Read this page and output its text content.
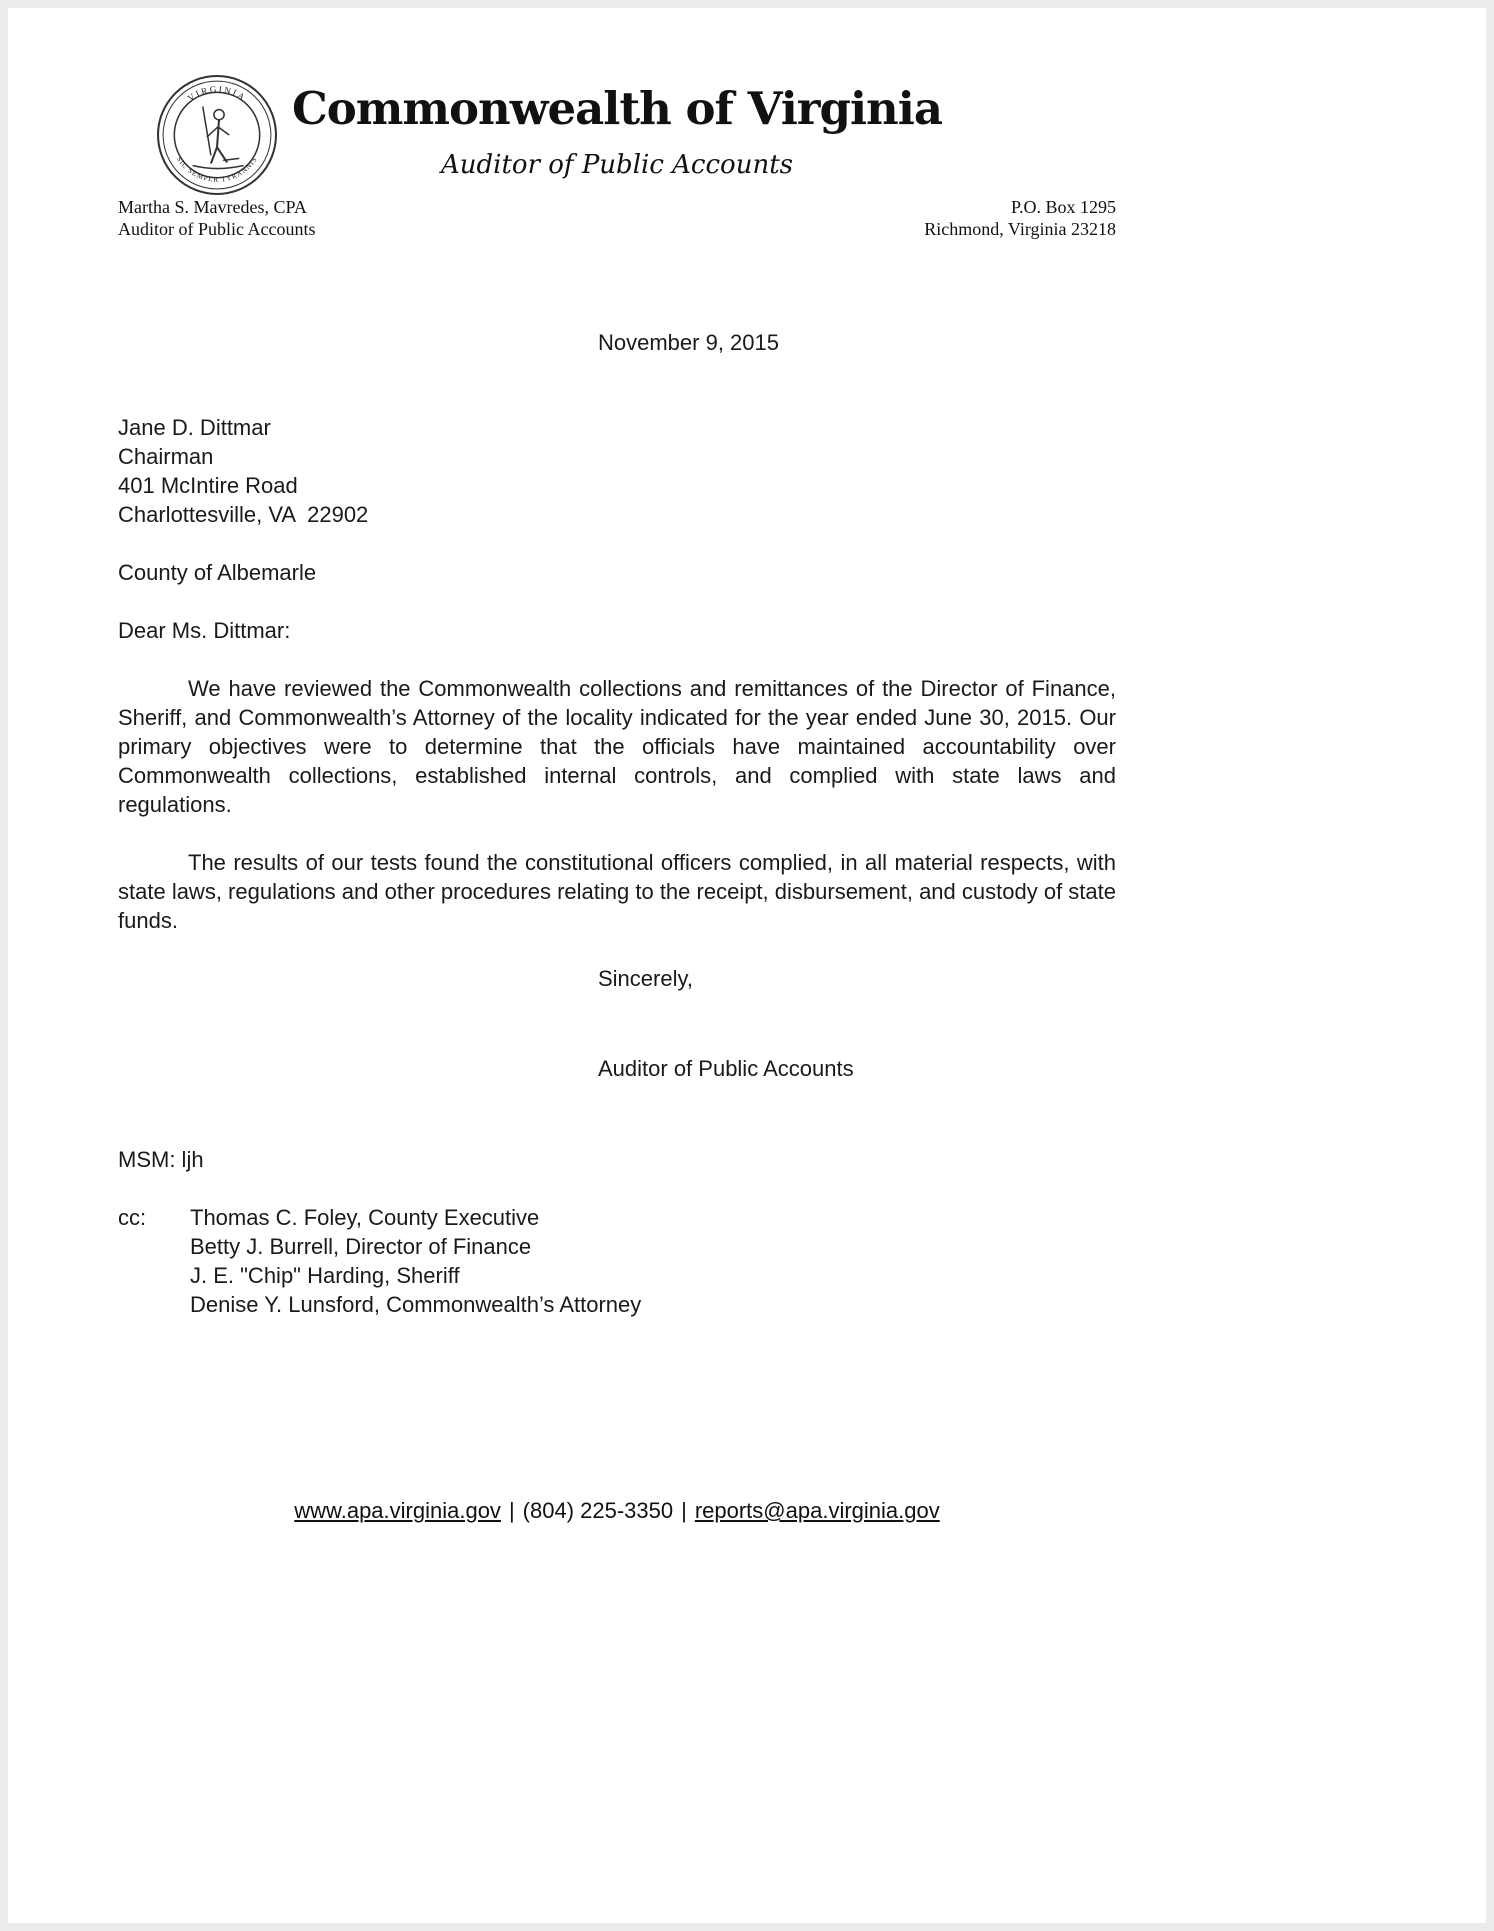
VIRGINIA
SIC SEMPER TYRANNIS
Commonwealth of Virginia
Auditor of Public Accounts
Martha S. Mavredes, CPA
Auditor of Public Accounts
P.O. Box 1295
Richmond, Virginia 23218
November 9, 2015
Jane D. Dittmar
Chairman
401 McIntire Road
Charlottesville, VA  22902
County of Albemarle
Dear Ms. Dittmar:

We have reviewed the Commonwealth collections and remittances of the Director of Finance, Sheriff, and Commonwealth’s Attorney of the locality indicated for the year ended June 30, 2015. Our primary objectives were to determine that the officials have maintained accountability over Commonwealth collections, established internal controls, and complied with state laws and regulations.

The results of our tests found the constitutional officers complied, in all material respects, with state laws, regulations and other procedures relating to the receipt, disbursement, and custody of state funds.

Sincerely,
Auditor of Public Accounts
MSM: ljh
cc:	Thomas C. Foley, County Executive
Betty J. Burrell, Director of Finance
J. E. "Chip" Harding, Sheriff
Denise Y. Lunsford, Commonwealth’s Attorney
www.apa.virginia.gov | (804) 225-3350 | reports@apa.virginia.gov
